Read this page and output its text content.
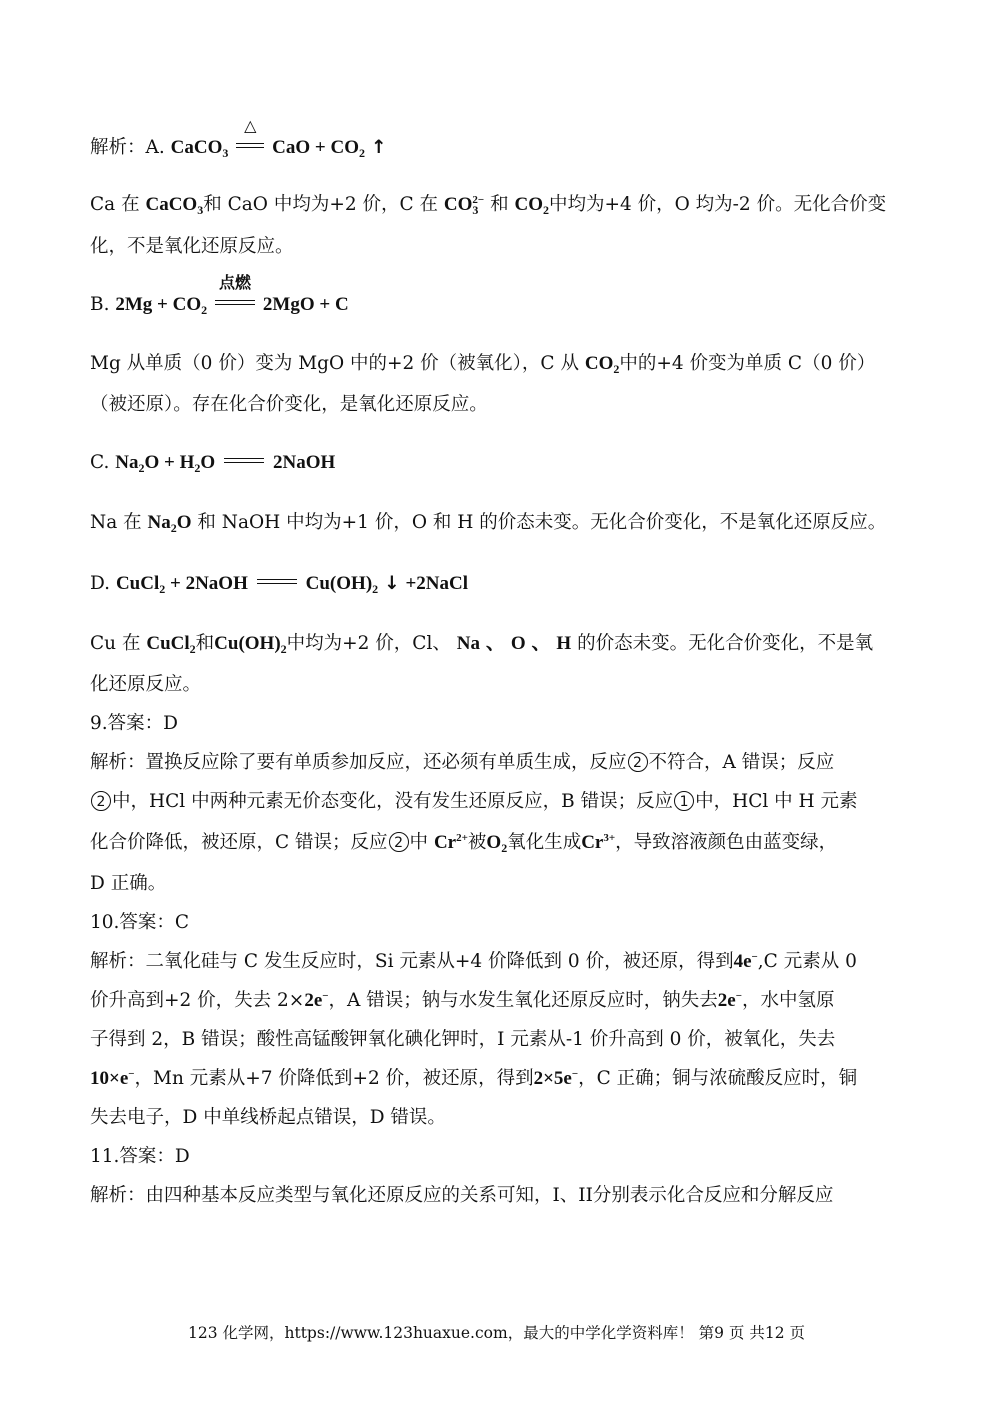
解析：A. CaCO$_3$
△
CaO + $CO_2$ ↑
Ca 在 CaCO$_3$和 CaO 中均为+2 价，C 在 $CO_3^{2-}$ 和 $CO_2$中均为+4 价，O 均为-2 价。无化合价变
化，不是氧化还原反应。
B. $2Mg + CO_2$
点燃
2MgO + C
Mg 从单质（0 价）变为 MgO 中的+2 价（被氧化），C 从 $CO_2$中的+4 价变为单质 C（0 价）
（被还原）。存在化合价变化，是氧化还原反应。
C. $Na_2O + H_2O$	2NaOH
Na 在 $Na_2O$ 和 NaOH 中均为+1 价，O 和 H 的价态未变。无化合价变化，不是氧化还原反应。
D. CuCl$_2$ + 2NaOH	$Cu(OH)_2$ ↓ +2NaCl
Cu 在 CuCl$_2$和$Cu(OH)_2$中均为+2 价，Cl、 Na 、 O 、 H 的价态未变。无化合价变化，不是氧
化还原反应。
9.答案：D
解析：置换反应除了要有单质参加反应，还必须有单质生成，反应 2 不符合，A 错误；反应
2 中，HCl 中两种元素无价态变化，没有发生还原反应，B 错误；反应 1 中，HCl 中 H 元素
化合价降低，被还原，C 错误；反应 2 中 $Cr^{2+}$被$O_2$氧化生成$Cr^{3+}$，导致溶液颜色由蓝变绿，
D 正确。
10.答案：C
解析：二氧化硅与 C 发生反应时，Si 元素从+4 价降低到 0 价，被还原，得到4e−,C 元素从 0
价升高到+2 价，失去 2×2e−，A 错误；钠与水发生氧化还原反应时，钠失去2e−，水中氢原
子得到 2，B 错误；酸性高锰酸钾氧化碘化钾时，I 元素从-1 价升高到 0 价，被氧化，失去
10×e−，Mn 元素从+7 价降低到+2 价，被还原，得到2×5e−，C 正确；铜与浓硫酸反应时，铜
失去电子，D 中单线桥起点错误，D 错误。
11.答案：D
解析：由四种基本反应类型与氧化还原反应的关系可知，I、II分别表示化合反应和分解反应
123 化学网，https://www.123huaxue.com，最大的中学化学资料库！ 第9 页 共12 页
